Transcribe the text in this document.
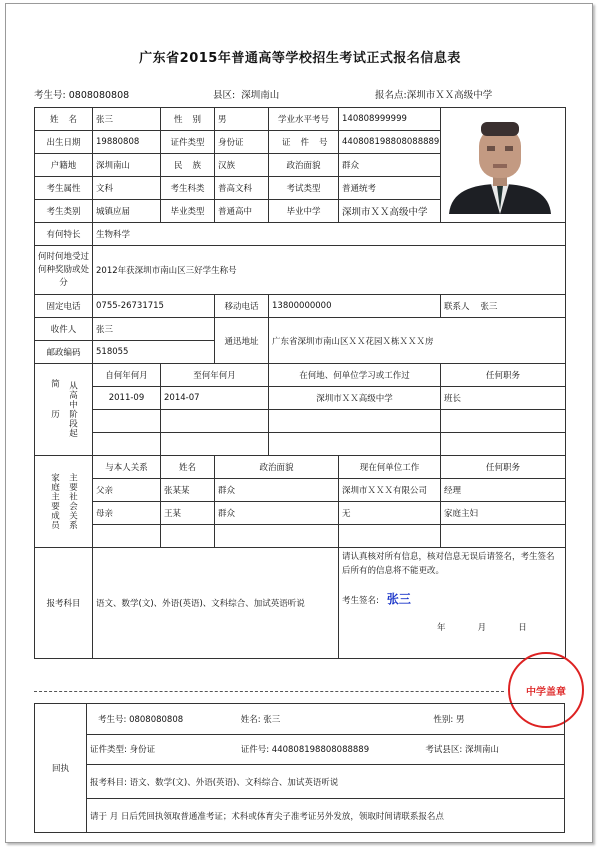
广东省2015年普通高等学校招生考试正式报名信息表
考生号: 0808080808	县区: 深圳南山	报名点:深圳市ＸＸ高级中学
姓名	张三	性别	男	学业水平考号	140808999999	
出生日期	19880808	证件类型	身份证	证件号	440808198808088889	
户籍地	深圳南山	民族	汉族	政治面貌	群众	
考生属性	文科	考生科类	普高文科	考试类型	普通统考	
考生类别	城镇应届	毕业类型	普通高中	毕业中学	深圳市ＸＸ高级中学	
有何特长	生物科学					
何时何地受过何种奖励或处分	2012年获深圳市南山区三好学生称号					
固定电话	0755-26731715		移动电话	13800000000		联系人 张三
收件人	张三		通迅地址	广东省深圳市南山区ＸＸ花园Ｘ栋ＸＸＸ房		
邮政编码	518055					

简历 从高中阶段起	自何年何月	至何年何月		在何地、何单位学习或工作过		任何职务
	2011-09	2014-07		深圳市ＸＸ高级中学		班长

家庭主要成员 主要社会关系	与本人关系	姓名	政治面貌		现在何单位工作	任何职务
	父亲	张某某	群众		深圳市ＸＸＸ有限公司	经理
	母亲	王某	群众		无	家庭主妇

报考科目	语文、数学(文)、外语(英语)、文科综合、加试英语听说				请认真核对所有信息，核对信息无误后请签名，考生签名后所有的信息将不能更改。
考生签名: 张三
年 月 日	
中学盖章
回执	考生号: 0808080808	姓名: 张三	性别: 男
证件类型: 身份证	证件号: 440808198808088889	考试县区: 深圳南山
报考科目: 语文、数学(文)、外语(英语)、文科综合、加试英语听说
请于 月 日后凭回执领取普通准考证；术科或体育尖子准考证另外发放，领取时间请联系报名点
